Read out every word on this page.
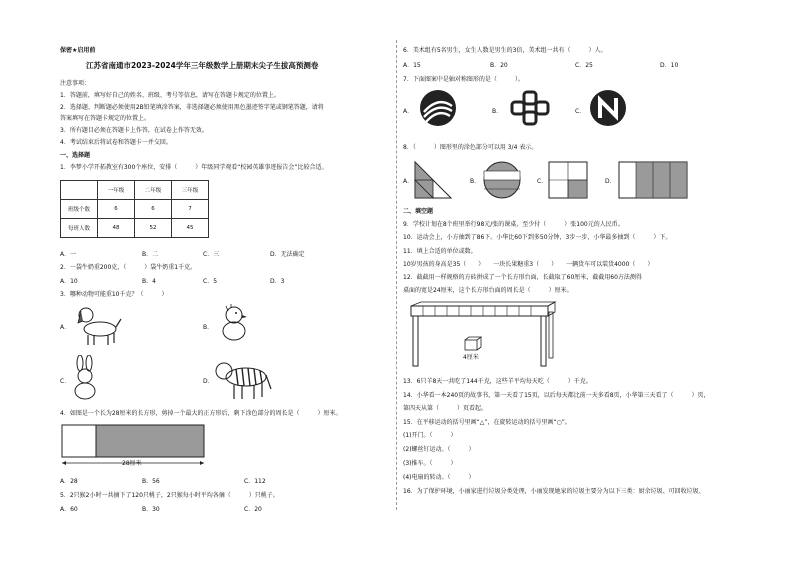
保密★启用前
江苏省南通市2023-2024学年三年级数学上册期末尖子生拔高预测卷
注意事项：
1．答题前，填写好自己的姓名、班级、考号等信息，请写在答题卡规定的位置上。
2．选择题、判断题必须使用2B铅笔填涂答案，非选择题必须使用黑色墨迹签字笔或钢笔答题，请将
答案填写在答题卡规定的位置上。
3．所有题目必须在答题卡上作答，在试卷上作答无效。
4．考试结束后将试卷和答题卡一并交回。
一、选择题
1．李梦小学开拓教室有300个座位，安排（　　　）年级同学观看“校园英雄事迹报告会”比较合适。
	一年级	二年级	三年级
班级个数	6	6	7
每班人数	48	52	45
A．一	B．二	C．三	D．无法确定
2．一袋牛奶重200克，（　　　）袋牛奶重1千克。
A．10	B．4	C．5	D．3
3．哪种动物可能重10千克？（　　　）
A．	B．
C．	D．
4．如图是一个长为28厘米的长方形，剪掉一个最大的正方形后，剩下涂色部分的周长是（　　　）厘米。
28厘米
A．28	B．56	C．112
5．2只猴2小时一共摘下了120只桃子，2只猴每小时平均各摘（　　　）只桃子。
A．60	B．30	C．20
6．美术组有5名男生，女生人数是男生的3倍，美术组一共有（　　　）人。
A．15	B．20	C．25	D．10
7．下面图案中是轴对称图形的是（　　　）。
A．	B．	C．
8．（　　　）图形里的涂色部分可以用 3/4 表示。
A．	B．	C．	D．
二、填空题
9．学校计划在8个班里举行98元/张的课桌，至少付（　　　）张100元的人民币。
10．运动会上，小方抽到了86下。小华比60下到多50分钟，3步一步，小华最多抽到（　　　）下。
11．填上合适的单位或数。
10岁男孩的身高是35（　　）　　一块长果糖重3（　　）　　一辆货车可以装货4000（　　）
12．截截用一样规格的方砖拼成了一个长方形台面，长截取了60厘米，截截用60方法测得
桌面的宽是24厘米，这个长方形台面的周长是（　　　）厘米。
4厘米
13．6只羊8天一共吃了144千克，这些羊平均每天吃（　　　）千克。
14．小华看一本240页的故事书，第一天看了15页，以后每天都比前一天多看8页，小华第三天看了（　　　）页，
第四天从第（　　　）页看起。
15．在平移运动的括号里画“△”，在旋转运动的括号里画“○”。
(1)开门。（　　　）
(2)螺丝钉运动。（　　　）
(3)推车。（　　　）
(4)电扇的转动。（　　　）
16．为了保护环境，小丽家进行垃圾分类处理，小丽发现她家的垃圾主要分为以下三类：厨余垃圾、可回收垃圾、
